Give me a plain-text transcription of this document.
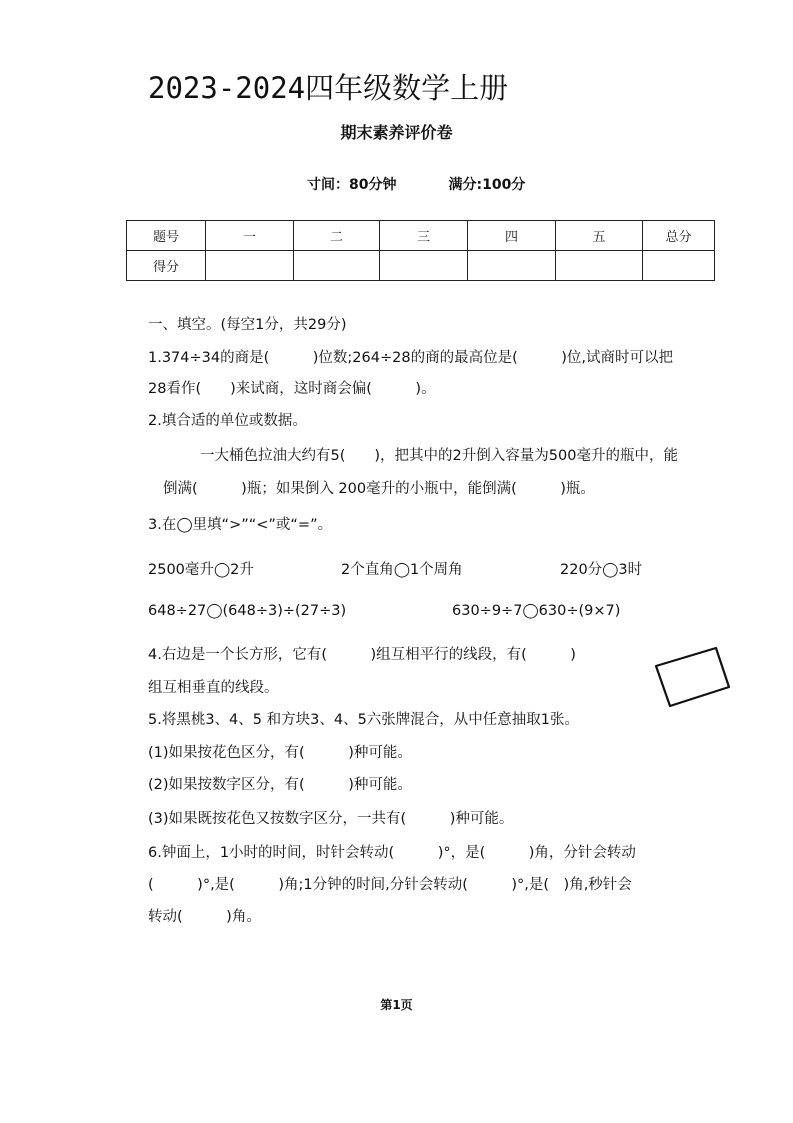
2023-2024四年级数学上册
期末素养评价卷
寸间：80分钟	满分:100分
题号	一	二	三	四	五	总分
得分						
一、填空。(每空1分，共29分)
1.374÷34的商是(　　　)位数;264÷28的商的最高位是(　　　)位,试商时可以把
28看作(　　)来试商，这时商会偏(　　　)。
2.填合适的单位或数据。
一大桶色拉油大约有5(　　)，把其中的2升倒入容量为500毫升的瓶中，能
倒满(　　　)瓶；如果倒入 200毫升的小瓶中，能倒满(　　　)瓶。
3.在◯里填“>”“<”或“=”。
2500毫升◯2升	2个直角◯1个周角	220分◯3时
648÷27◯(648÷3)÷(27÷3)	630÷9÷7◯630÷(9×7)
4.右边是一个长方形，它有(　　　)组互相平行的线段，有(　　　)
组互相垂直的线段。
5.将黑桃3、4、5 和方块3、4、5六张牌混合，从中任意抽取1张。
(1)如果按花色区分，有(　　　)种可能。
(2)如果按数字区分，有(　　　)种可能。
(3)如果既按花色又按数字区分，一共有(　　　)种可能。
6.钟面上，1小时的时间，时针会转动(　　　)°，是(　　　)角，分针会转动
(　　　)°,是(　　　)角;1分钟的时间,分针会转动(　　　)°,是(　)角,秒针会
转动(　　　)角。
第1页
